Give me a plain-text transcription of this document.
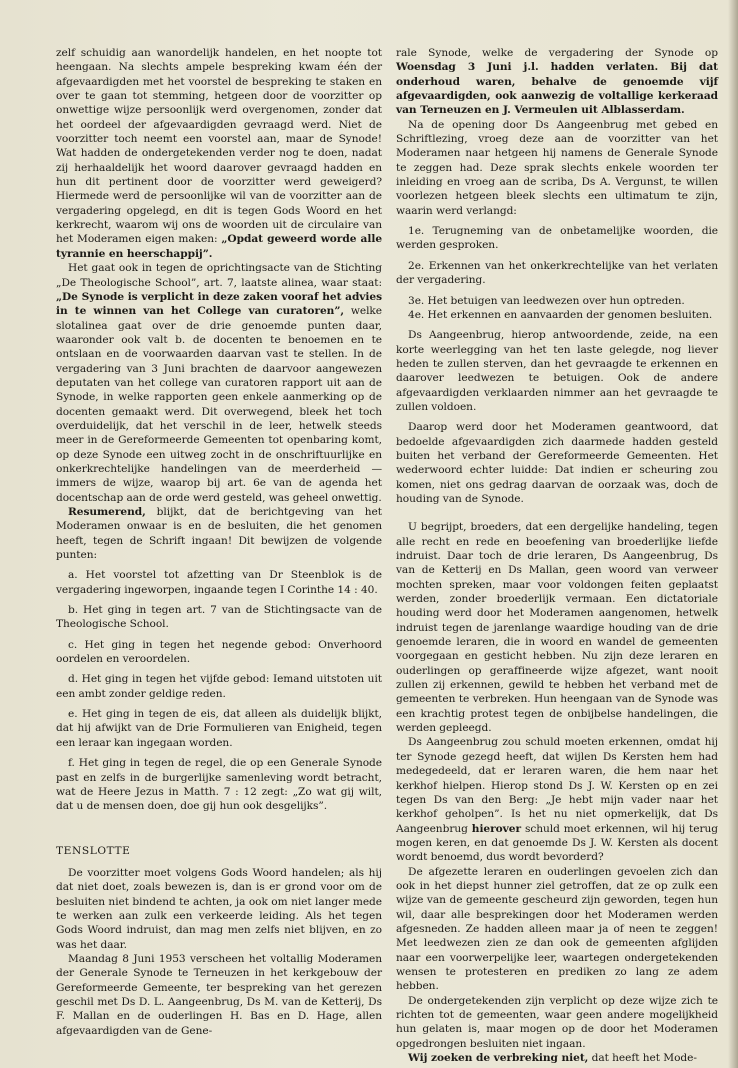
zelf schuidig aan wanordelijk handelen, en het noopte tot heengaan. Na slechts ampele bespreking kwam één der afgevaardigden met het voorstel de bespreking te staken en over te gaan tot stemming, hetgeen door de voorzitter op onwettige wijze persoonlijk werd overgenomen, zonder dat het oordeel der afgevaardigden gevraagd werd. Niet de voorzitter toch neemt een voorstel aan, maar de Synode! Wat hadden de ondergetekenden verder nog te doen, nadat zij herhaaldelijk het woord daarover gevraagd hadden en hun dit pertinent door de voorzitter werd geweigerd? Hiermede werd de persoonlijke wil van de voorzitter aan de vergadering opgelegd, en dit is tegen Gods Woord en het kerkrecht, waarom wij ons de woorden uit de circulaire van het Moderamen eigen maken: „Opdat geweerd worde alle tyrannie en heerschappij”.

Het gaat ook in tegen de oprichtingsacte van de Stichting „De Theologische School”, art. 7, laatste alinea, waar staat: „De Synode is verplicht in deze zaken vooraf het advies in te winnen van het College van curatoren”, welke slotalinea gaat over de drie genoemde punten daar, waaronder ook valt b. de docenten te benoemen en te ontslaan en de voorwaarden daarvan vast te stellen. In de vergadering van 3 Juni brachten de daarvoor aangewezen deputaten van het college van curatoren rapport uit aan de Synode, in welke rapporten geen enkele aanmerking op de docenten gemaakt werd. Dit overwegend, bleek het toch overduidelijk, dat het verschil in de leer, hetwelk steeds meer in de Gereformeerde Gemeenten tot openbaring komt, op deze Synode een uitweg zocht in de onschriftuurlijke en onkerkrechtelijke handelingen van de meerderheid — immers de wijze, waarop bij art. 6e van de agenda het docentschap aan de orde werd gesteld, was geheel onwettig.

Resumerend, blijkt, dat de berichtgeving van het Moderamen onwaar is en de besluiten, die het genomen heeft, tegen de Schrift ingaan! Dit bewijzen de volgende punten:

a. Het voorstel tot afzetting van Dr Steenblok is de vergadering ingeworpen, ingaande tegen I Corinthe 14 : 40.

b. Het ging in tegen art. 7 van de Stichtingsacte van de Theologische School.

c. Het ging in tegen het negende gebod: Onverhoord oordelen en veroordelen.

d. Het ging in tegen het vijfde gebod: Iemand uitstoten uit een ambt zonder geldige reden.

e. Het ging in tegen de eis, dat alleen als duidelijk blijkt, dat hij afwijkt van de Drie Formulieren van Enigheid, tegen een leraar kan ingegaan worden.

f. Het ging in tegen de regel, die op een Generale Synode past en zelfs in de burgerlijke samenleving wordt betracht, wat de Heere Jezus in Matth. 7 : 12 zegt: „Zo wat gij wilt, dat u de mensen doen, doe gij hun ook desgelijks”.

TENSLOTTE

De voorzitter moet volgens Gods Woord handelen; als hij dat niet doet, zoals bewezen is, dan is er grond voor om de besluiten niet bindend te achten, ja ook om niet langer mede te werken aan zulk een verkeerde leiding. Als het tegen Gods Woord indruist, dan mag men zelfs niet blijven, en zo was het daar.

Maandag 8 Juni 1953 verscheen het voltallig Moderamen der Generale Synode te Terneuzen in het kerkgebouw der Gereformeerde Gemeente, ter bespreking van het gerezen geschil met Ds D. L. Aangeenbrug, Ds M. van de Ketterij, Ds F. Mallan en de ouderlingen H. Bas en D. Hage, allen afgevaardigden van de Gene-

rale Synode, welke de vergadering der Synode op Woensdag 3 Juni j.l. hadden verlaten. Bij dat onderhoud waren, behalve de genoemde vijf afgevaardigden, ook aanwezig de voltallige kerkeraad van Terneuzen en J. Vermeulen uit Alblasserdam.

Na de opening door Ds Aangeenbrug met gebed en Schriftlezing, vroeg deze aan de voorzitter van het Moderamen naar hetgeen hij namens de Generale Synode te zeggen had. Deze sprak slechts enkele woorden ter inleiding en vroeg aan de scriba, Ds A. Vergunst, te willen voorlezen hetgeen bleek slechts een ultimatum te zijn, waarin werd verlangd:

1e. Terugneming van de onbetamelijke woorden, die werden gesproken.

2e. Erkennen van het onkerkrechtelijke van het verlaten der vergadering.

3e. Het betuigen van leedwezen over hun optreden.

4e. Het erkennen en aanvaarden der genomen besluiten.

Ds Aangeenbrug, hierop antwoordende, zeide, na een korte weerlegging van het ten laste gelegde, nog liever heden te zullen sterven, dan het gevraagde te erkennen en daarover leedwezen te betuigen. Ook de andere afgevaardigden verklaarden nimmer aan het gevraagde te zullen voldoen.

Daarop werd door het Moderamen geantwoord, dat bedoelde afgevaardigden zich daarmede hadden gesteld buiten het verband der Gereformeerde Gemeenten. Het wederwoord echter luidde: Dat indien er scheuring zou komen, niet ons gedrag daarvan de oorzaak was, doch de houding van de Synode.

U begrijpt, broeders, dat een dergelijke handeling, tegen alle recht en rede en beoefening van broederlijke liefde indruist. Daar toch de drie leraren, Ds Aangeenbrug, Ds van de Ketterij en Ds Mallan, geen woord van verweer mochten spreken, maar voor voldongen feiten geplaatst werden, zonder broederlijk vermaan. Een dictatoriale houding werd door het Moderamen aangenomen, hetwelk indruist tegen de jarenlange waardige houding van de drie genoemde leraren, die in woord en wandel de gemeenten voorgegaan en gesticht hebben. Nu zijn deze leraren en ouderlingen op geraffineerde wijze afgezet, want nooit zullen zij erkennen, gewild te hebben het verband met de gemeenten te verbreken. Hun heengaan van de Synode was een krachtig protest tegen de onbijbelse handelingen, die werden gepleegd.

Ds Aangeenbrug zou schuld moeten erkennen, omdat hij ter Synode gezegd heeft, dat wijlen Ds Kersten hem had medegedeeld, dat er leraren waren, die hem naar het kerkhof hielpen. Hierop stond Ds J. W. Kersten op en zei tegen Ds van den Berg: „Je hebt mijn vader naar het kerkhof geholpen”. Is het nu niet opmerkelijk, dat Ds Aangeenbrug hierover schuld moet erkennen, wil hij terug mogen keren, en dat genoemde Ds J. W. Kersten als docent wordt benoemd, dus wordt bevorderd?

De afgezette leraren en ouderlingen gevoelen zich dan ook in het diepst hunner ziel getroffen, dat ze op zulk een wijze van de gemeente gescheurd zijn geworden, tegen hun wil, daar alle besprekingen door het Moderamen werden afgesneden. Ze hadden alleen maar ja of neen te zeggen! Met leedwezen zien ze dan ook de gemeenten afglijden naar een voorwerpelijke leer, waartegen ondergetekenden wensen te protesteren en prediken zo lang ze adem hebben.

De ondergetekenden zijn verplicht op deze wijze zich te richten tot de gemeenten, waar geen andere mogelijkheid hun gelaten is, maar mogen op de door het Moderamen opgedrongen besluiten niet ingaan.

Wij zoeken de verbreking niet, dat heeft het Mode-
